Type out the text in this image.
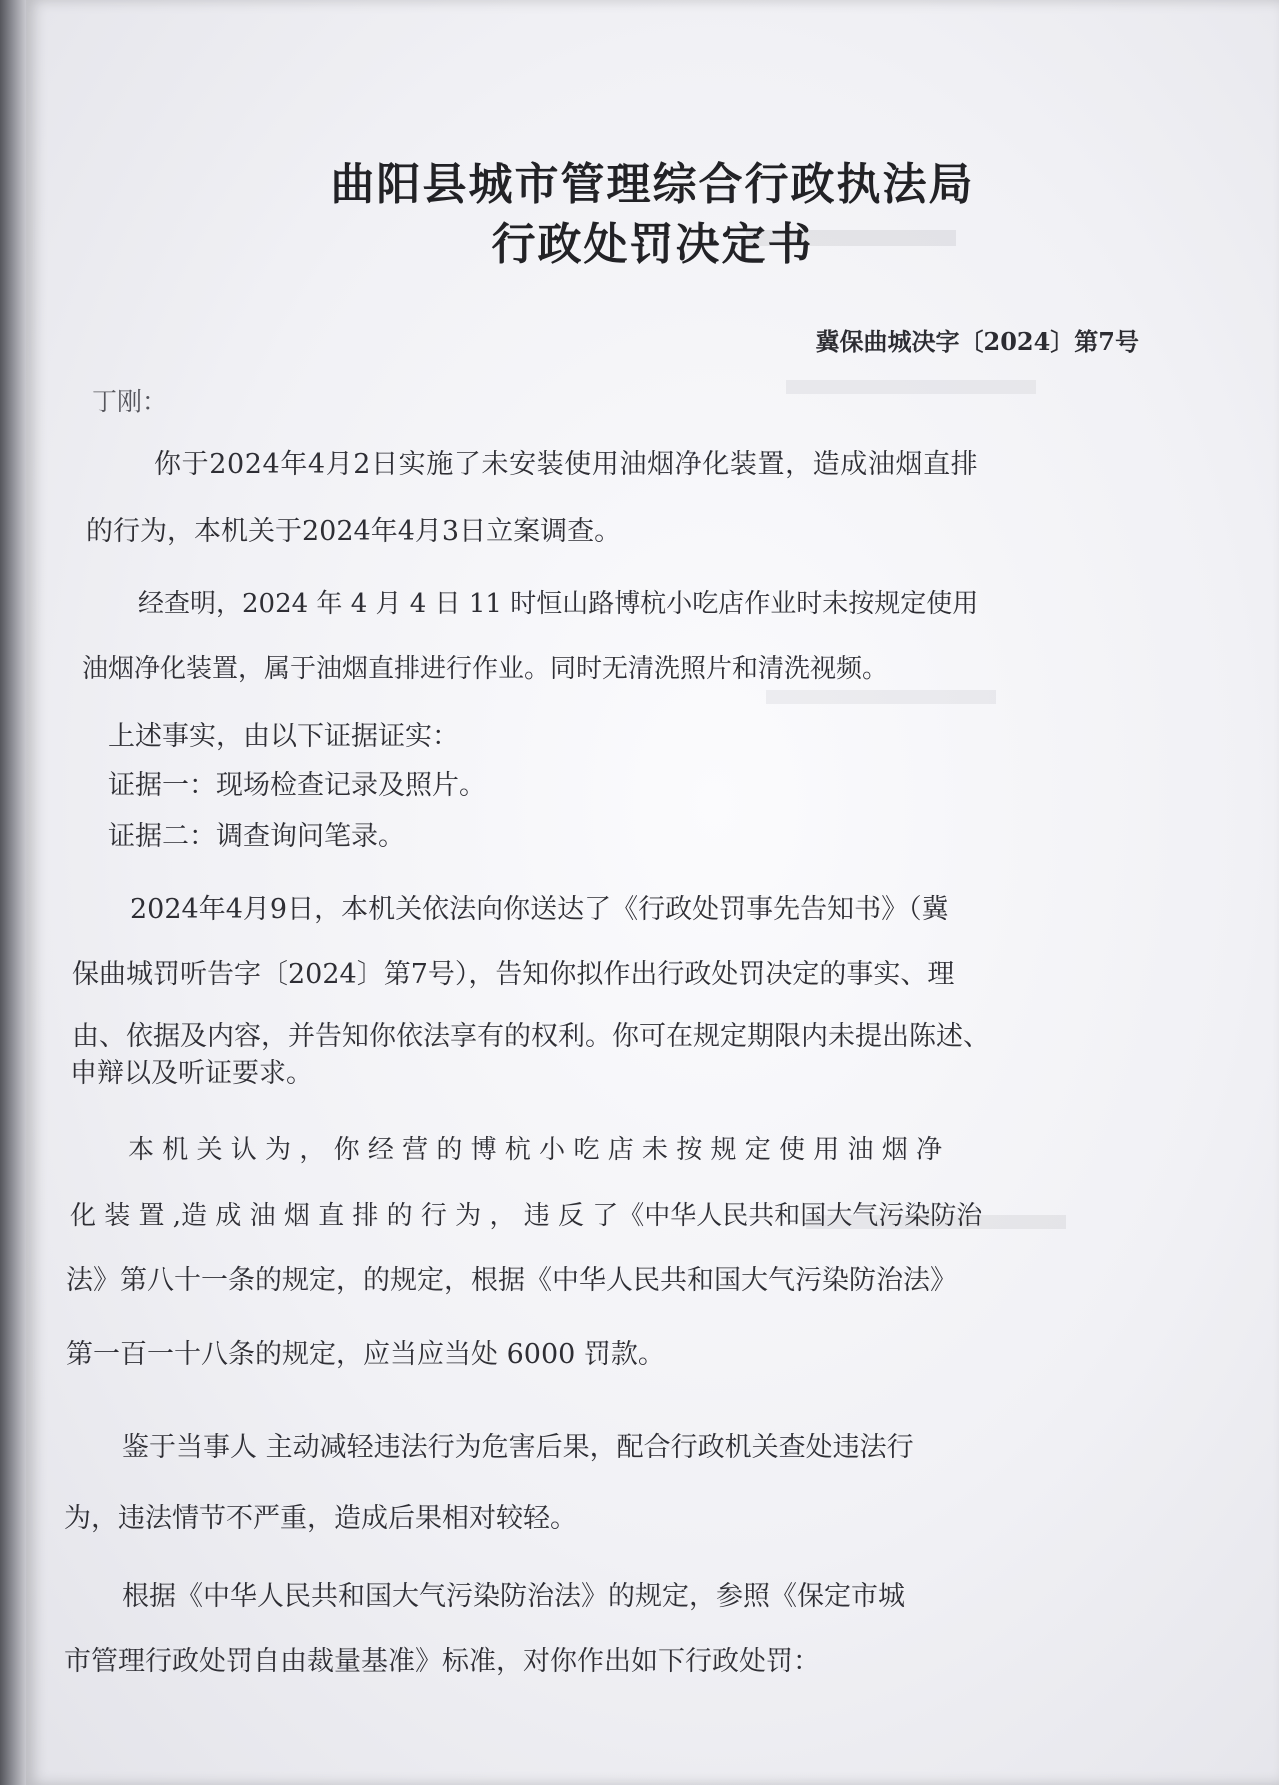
曲阳县城市管理综合行政执法局
行政处罚决定书
冀保曲城决字〔2024〕第7号
丁刚：
你于2024年4月2日实施了未安装使用油烟净化装置，造成油烟直排
的行为，本机关于2024年4月3日立案调查。
经查明，2024 年 4 月 4 日 11 时恒山路博杭小吃店作业时未按规定使用
油烟净化装置，属于油烟直排进行作业。同时无清洗照片和清洗视频。
上述事实，由以下证据证实：
证据一：现场检查记录及照片。
证据二：调查询问笔录。
2024年4月9日，本机关依法向你送达了《行政处罚事先告知书》（冀
保曲城罚听告字〔2024〕第7号），告知你拟作出行政处罚决定的事实、理
由、依据及内容，并告知你依法享有的权利。你可在规定期限内未提出陈述、
申辩以及听证要求。
本 机 关 认 为 ， 你 经 营 的 博 杭 小 吃 店 未 按 规 定 使 用 油 烟 净
化 装 置 ,造 成 油 烟 直 排 的 行 为 ， 违 反 了《中华人民共和国大气污染防治
法》第八十一条的规定，的规定，根据《中华人民共和国大气污染防治法》
第一百一十八条的规定，应当应当处 6000 罚款。
鉴于当事人 主动减轻违法行为危害后果，配合行政机关查处违法行
为，违法情节不严重，造成后果相对较轻。
根据《中华人民共和国大气污染防治法》的规定，参照《保定市城
市管理行政处罚自由裁量基准》标准，对你作出如下行政处罚：
